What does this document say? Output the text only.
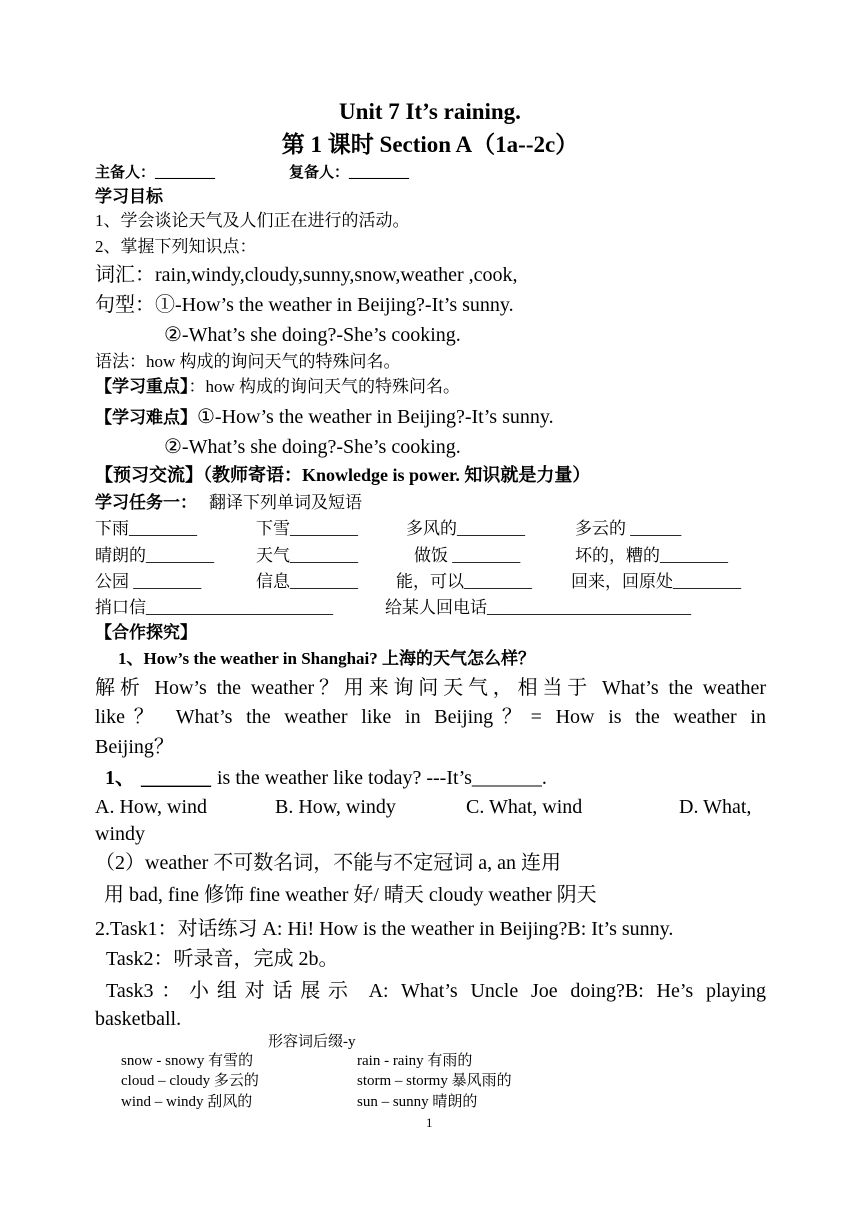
Unit 7 It’s raining.
第 1 课时 Section A（1a--2c）
主备人：________	复备人：________
学习目标
1、学会谈论天气及人们正在进行的活动。
2、掌握下列知识点：
词汇：rain,windy,cloudy,sunny,snow,weather ,cook,
句型：①-How’s the weather in Beijing?-It’s sunny.
②-What’s she doing?-She’s cooking.
语法：how 构成的询问天气的特殊问名。
【学习重点】：how 构成的询问天气的特殊问名。
【学习难点】①-How’s the weather in Beijing?-It’s sunny.
②-What’s she doing?-She’s cooking.
【预习交流】（教师寄语：Knowledge is power. 知识就是力量）
学习任务一： 翻译下列单词及短语
下雨________	下雪________	多风的________	多云的 ______
晴朗的________ 天气________	做饭 ________	坏的，糟的________
公园 ________	信息________ 能，可以________ 回来，回原处________
捎口信______________________	给某人回电话________________________
【合作探究】
1、How’s the weather in Shanghai? 上海的天气怎么样？
解析 How’s the weather？用来询问天气，相当于 What’s the weather
like？ What’s the weather like in Beijing？= How is the weather in
Beijing？
1、 _______ is the weather like today? ---It’s_______.
A. How, wind	B. How, windy	C. What, wind	D. What,
windy
（2）weather 不可数名词，不能与不定冠词 a, an 连用
用 bad, fine 修饰 fine weather 好/ 晴天 cloudy weather 阴天
2.Task1：对话练习 A: Hi! How is the weather in Beijing?B: It’s sunny.
Task2：听录音，完成 2b。
Task3：小组对话展示 A: What’s Uncle Joe doing?B: He’s playing
basketball.
形容词后缀-y
snow - snowy 有雪的	rain - rainy 有雨的
cloud – cloudy 多云的	storm – stormy 暴风雨的
wind – windy 刮风的	sun – sunny 晴朗的
1
